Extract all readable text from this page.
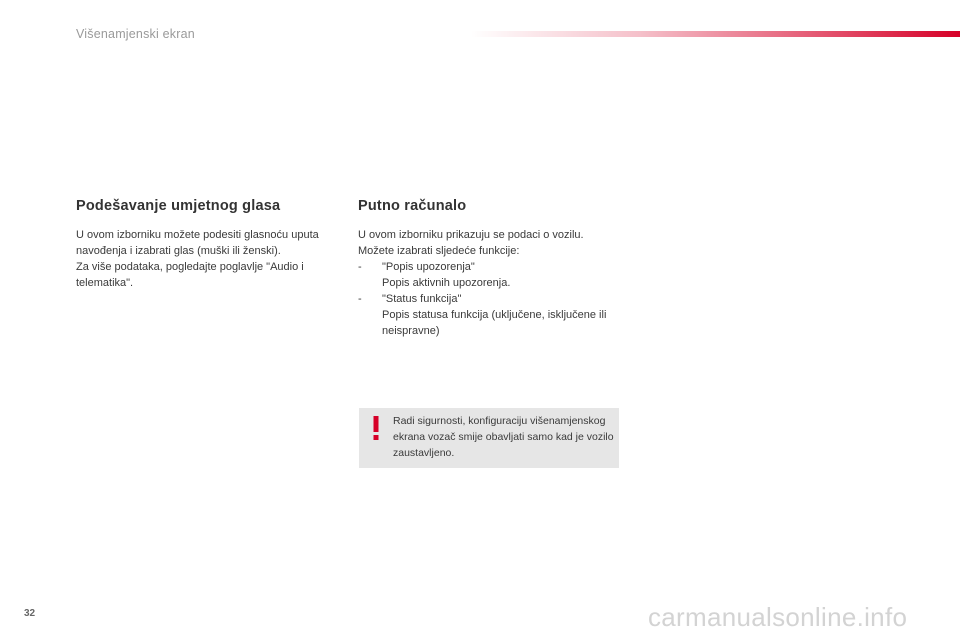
Višenamjenski ekran
Podešavanje umjetnog glasa

U ovom izborniku možete podesiti glasnoću uputa navođenja i izabrati glas (muški ili ženski).

Za više podataka, pogledajte poglavlje "Audio i telematika".

Putno računalo

U ovom izborniku prikazuju se podaci o vozilu.

Možete izabrati sljedeće funkcije:

-	"Popis upozorenja"
Popis aktivnih upozorenja.
-	"Status funkcija"
Popis statusa funkcija (uključene, isključene ili neispravne)
Radi sigurnosti, konfiguraciju višenamjenskog ekrana vozač smije obavljati samo kad je vozilo zaustavljeno.
32	carmanualsonline.info
